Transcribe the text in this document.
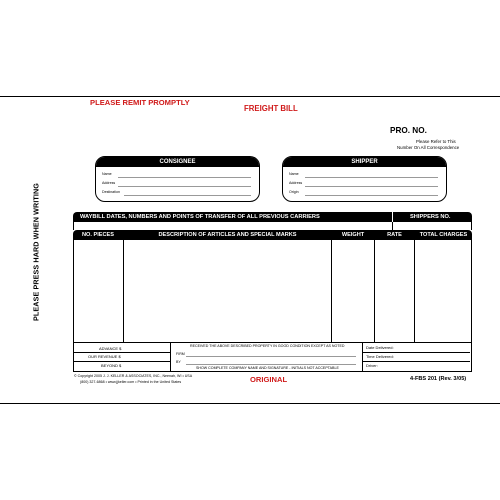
PLEASE REMIT PROMPTLY
FREIGHT BILL
PRO. NO.
Please Refer to This
Number On All Correspondence
PLEASE PRESS HARD WHEN WRITING
CONSIGNEE
Name
Address
Destination
SHIPPER
Name
Address
Origin
WAYBILL DATES, NUMBERS AND POINTS OF TRANSFER OF ALL PREVIOUS CARRIERS	SHIPPERS NO.
NO. PIECES	DESCRIPTION OF ARTICLES AND SPECIAL MARKS	WEIGHT	RATE	TOTAL CHARGES
ADVANCE $
OUR REVENUE $
BEYOND $
RECEIVED THE ABOVE DESCRIBED PROPERTY IN GOOD CONDITION EXCEPT AS NOTED
FIRM
BY
SHOW COMPLETE COMPANY NAME AND SIGNATURE - INITIALS NOT ACCEPTABLE
Date Delivered:
Time Delivered:
Driver:
© Copyright 2005 J. J. KELLER & ASSOCIATES, INC., Neenah, WI • USA
(800) 327-6868 • www.jjkeller.com • Printed in the United States	ORIGINAL	4-FBS 201 (Rev. 3/05)
